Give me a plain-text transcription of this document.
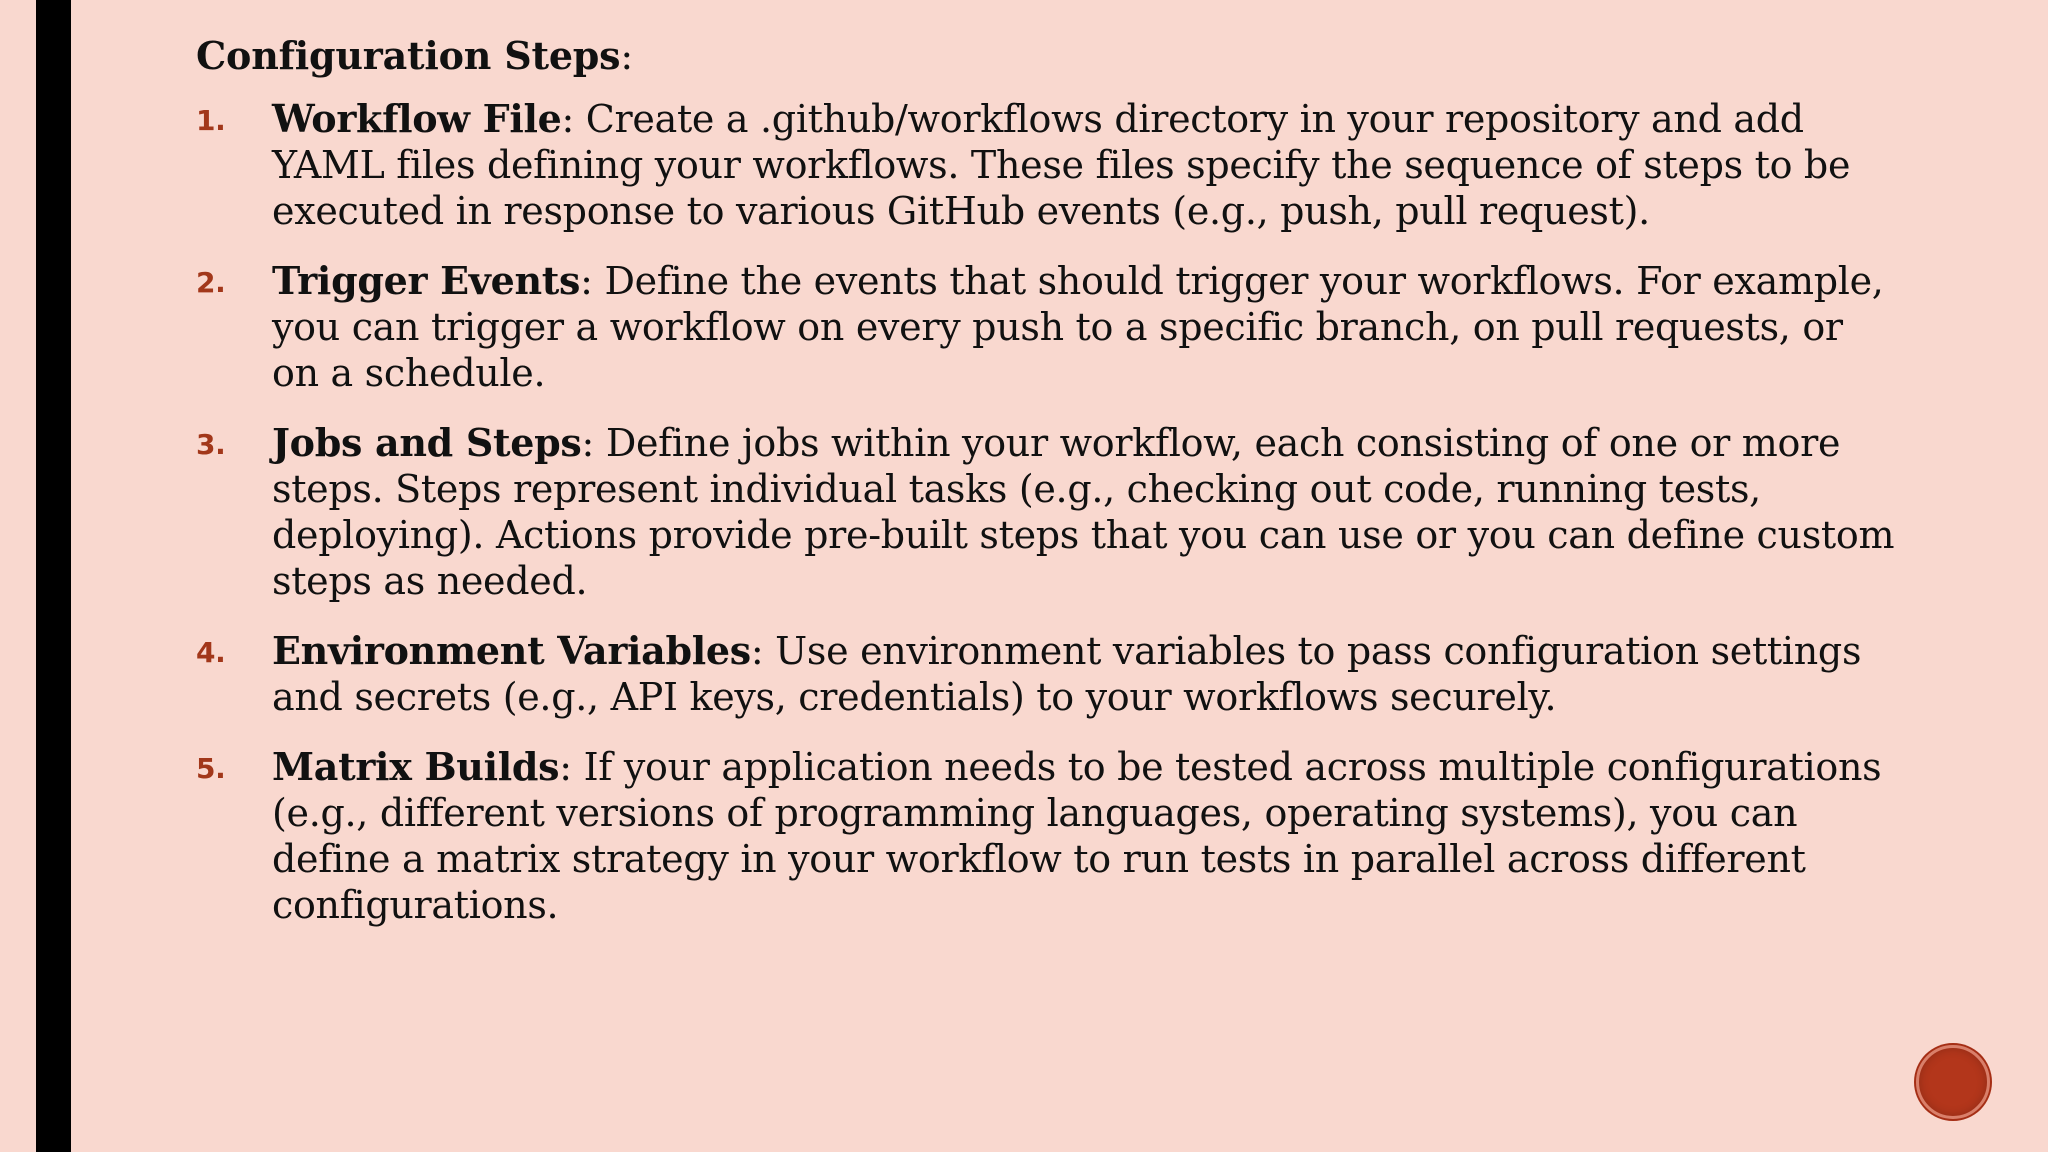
Configuration Steps:
1. Workflow File: Create a .github/workflows directory in your repository and add YAML files defining your workflows. These files specify the sequence of steps to be executed in response to various GitHub events (e.g., push, pull request).
2. Trigger Events: Define the events that should trigger your workflows. For example, you can trigger a workflow on every push to a specific branch, on pull requests, or on a schedule.
3. Jobs and Steps: Define jobs within your workflow, each consisting of one or more steps. Steps represent individual tasks (e.g., checking out code, running tests, deploying). Actions provide pre-built steps that you can use or you can define custom steps as needed.
4. Environment Variables: Use environment variables to pass configuration settings and secrets (e.g., API keys, credentials) to your workflows securely.
5. Matrix Builds: If your application needs to be tested across multiple configurations (e.g., different versions of programming languages, operating systems), you can define a matrix strategy in your workflow to run tests in parallel across different configurations.
